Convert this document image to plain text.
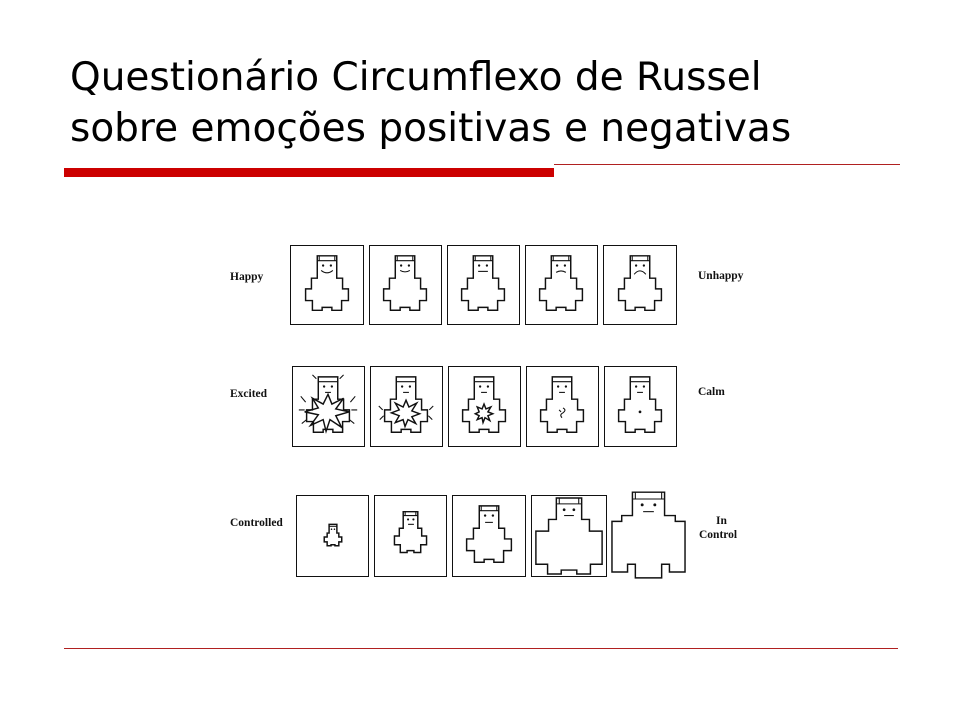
Questionário Circumflexo de Russel
sobre emoções positivas e negativas
Happy	Unhappy
Excited	Calm
Controlled	In
Control
